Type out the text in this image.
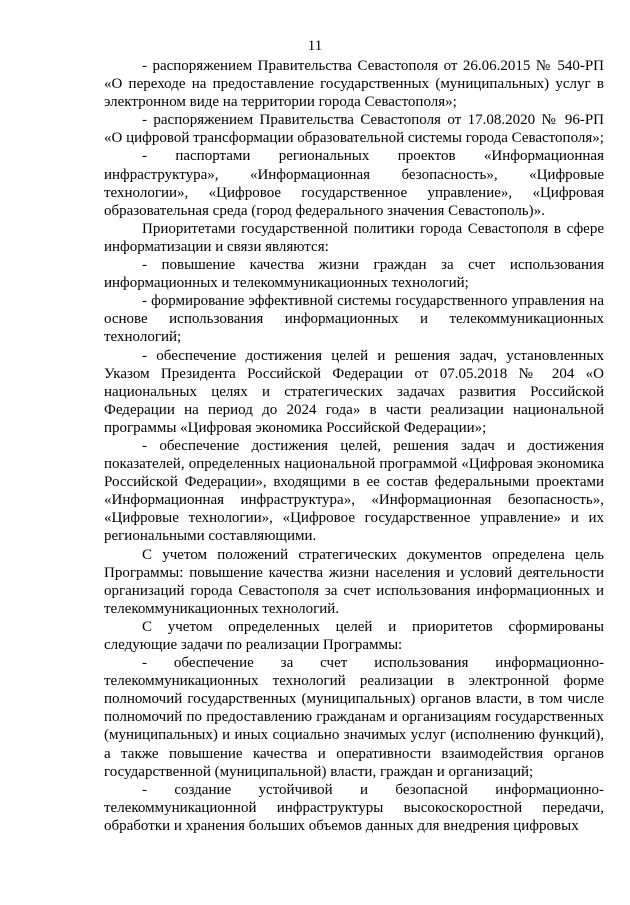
11

- распоряжением Правительства Севастополя от 26.06.2015 № 540-РП «О переходе на предоставление государственных (муниципальных) услуг в электронном виде на территории города Севастополя»;

- распоряжением Правительства Севастополя от 17.08.2020 № 96-РП «О цифровой трансформации образовательной системы города Севастополя»;

- паспортами региональных проектов «Информационная инфраструктура», «Информационная безопасность», «Цифровые технологии», «Цифровое государственное управление», «Цифровая образовательная среда (город федерального значения Севастополь)».

Приоритетами государственной политики города Севастополя в сфере информатизации и связи являются:

- повышение качества жизни граждан за счет использования информационных и телекоммуникационных технологий;

- формирование эффективной системы государственного управления на основе использования информационных и телекоммуникационных технологий;

- обеспечение достижения целей и решения задач, установленных Указом Президента Российской Федерации от 07.05.2018 № 204 «О национальных целях и стратегических задачах развития Российской Федерации на период до 2024 года» в части реализации национальной программы «Цифровая экономика Российской Федерации»;

- обеспечение достижения целей, решения задач и достижения показателей, определенных национальной программой «Цифровая экономика Российской Федерации», входящими в ее состав федеральными проектами «Информационная инфраструктура», «Информационная безопасность», «Цифровые технологии», «Цифровое государственное управление» и их региональными составляющими.

С учетом положений стратегических документов определена цель Программы: повышение качества жизни населения и условий деятельности организаций города Севастополя за счет использования информационных и телекоммуникационных технологий.

С учетом определенных целей и приоритетов сформированы следующие задачи по реализации Программы:

- обеспечение за счет использования информационно-телекоммуникационных технологий реализации в электронной форме полномочий государственных (муниципальных) органов власти, в том числе полномочий по предоставлению гражданам и организациям государственных (муниципальных) и иных социально значимых услуг (исполнению функций), а также повышение качества и оперативности взаимодействия органов государственной (муниципальной) власти, граждан и организаций;

- создание устойчивой и безопасной информационно-телекоммуникационной инфраструктуры высокоскоростной передачи, обработки и хранения больших объемов данных для внедрения цифровых
